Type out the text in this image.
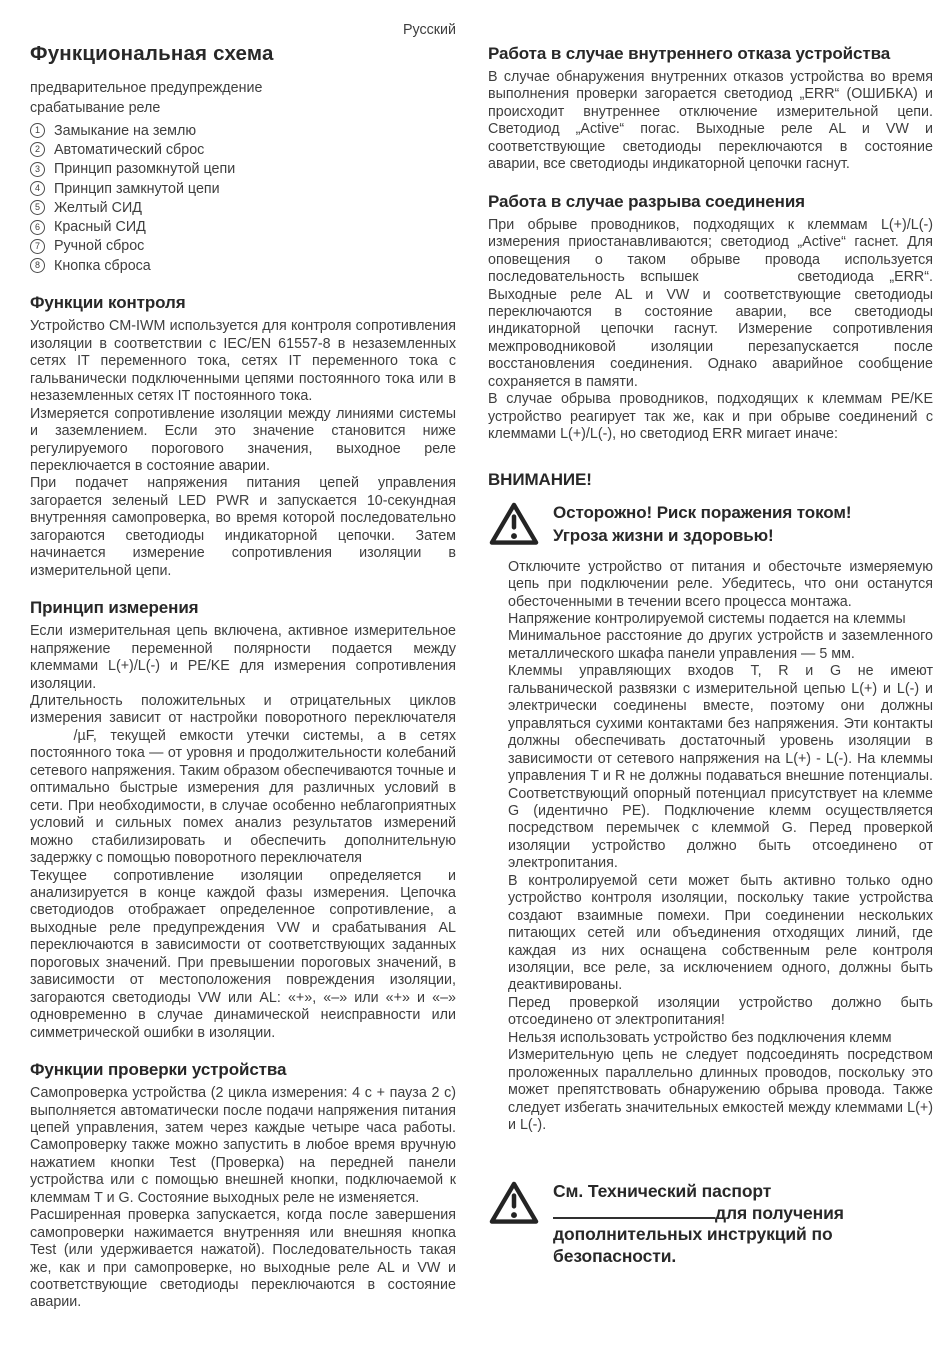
Русский
Функциональная схема

предварительное предупреждение

срабатывание реле

1 Замыкание на землю
2 Автоматический сброс
3 Принцип разомкнутой цепи
4 Принцип замкнутой цепи
5 Желтый СИД
6 Красный СИД
7 Ручной сброс
8 Кнопка сброса
Функции контроля

Устройство CM-IWM используется для контроля сопротивления изоляции в соответствии с IEC/EN 61557-8 в незаземленных сетях IT переменного тока, сетях IT переменного тока с гальванически подключенными цепями постоянного тока или в незаземленных сетях IT постоянного тока.

Измеряется сопротивление изоляции между линиями системы и заземлением. Если это значение становится ниже регулируемого порогового значения, выходное реле переключается в состояние аварии.

При подачет напряжения питания цепей управления загорается зеленый LED PWR и запускается 10-секундная внутренняя самопроверка, во время которой последовательно загораются светодиоды индикаторной цепочки. Затем начинается измерение сопротивления изоляции в измерительной цепи.

Принцип измерения

Если измерительная цепь включена, активное измерительное напряжение переменной полярности подается между клеммами L(+)/L(-) и PE/KE для измерения сопротивления изоляции.

Длительность положительных и отрицательных циклов измерения зависит от настройки поворотного переключателя  /µF, текущей емкости утечки системы, а в сетях постоянного тока — от уровня и продолжительности колебаний сетевого напряжения. Таким образом обеспечиваются точные и оптимально быстрые измерения для различных условий в сети. При необходимости, в случае особенно неблагоприятных условий и сильных помех анализ результатов измерений можно стабилизировать и обеспечить дополнительную задержку с помощью поворотного переключателя

Текущее сопротивление изоляции определяется и анализируется в конце каждой фазы измерения. Цепочка светодиодов отображает определенное сопротивление, а выходные реле предупреждения VW и срабатывания AL переключаются в зависимости от соответствующих заданных пороговых значений. При превышении пороговых значений, в зависимости от местоположения повреждения изоляции, загораются светодиоды VW или AL: «+», «–» или «+» и «–» одновременно в случае динамической неисправности или симметрической ошибки в изоляции.

Функции проверки устройства

Самопроверка устройства (2 цикла измерения: 4 с + пауза 2 с) выполняется автоматически после подачи напряжения питания цепей управления, затем через каждые четыре часа работы. Самопроверку также можно запустить в любое время вручную нажатием кнопки Test (Проверка) на передней панели устройства или с помощью внешней кнопки, подключаемой к клеммам T и G. Состояние выходных реле не изменяется.

Расширенная проверка запускается, когда после завершения самопроверки нажимается внутренняя или внешняя кнопка Test (или удерживается нажатой). Последовательность такая же, как и при самопроверке, но выходные реле AL и VW и соответствующие светодиоды переключаются в состояние аварии.

Работа в случае внутреннего отказа устройства

В случае обнаружения внутренних отказов устройства во время выполнения проверки загорается светодиод „ERR“ (ОШИБКА) и происходит внутреннее отключение измерительной цепи. Светодиод „Active“ погас. Выходные реле AL и VW и соответствующие светодиоды переключаются в состояние аварии, все светодиоды индикаторной цепочки гаснут.

Работа в случае разрыва соединения

При обрыве проводников, подходящих к клеммам L(+)/L(-) измерения приостанавливаются; светодиод „Active“ гаснет. Для оповещения о таком обрыве провода используется последовательность вспышек	светодиода „ERR“. Выходные реле AL и VW и соответствующие светодиоды переключаются в состояние аварии, все светодиоды индикаторной цепочки гаснут. Измерение сопротивления межпроводниковой изоляции перезапускается после восстановления соединения. Однако аварийное сообщение сохраняется в памяти.

В случае обрыва проводников, подходящих к клеммам PE/KE устройство реагирует так же, как и при обрыве соединений с клеммами L(+)/L(-), но светодиод ERR мигает иначе:

ВНИМАНИЕ!
Осторожно! Риск поражения током!
Угроза жизни и здоровью!

Отключите устройство от питания и обесточьте измеряемую цепь при подключении реле. Убедитесь, что они останутся обесточенными в течении всего процесса монтажа.

Напряжение контролируемой системы подается на клеммы

Минимальное расстояние до других устройств и заземленного металлического шкафа панели управления — 5 мм.

Клеммы управляющих входов T, R и G не имеют гальванической развязки с измерительной цепью L(+) и L(-) и электрически соединены вместе, поэтому они должны управляться сухими контактами без напряжения. Эти контакты должны обеспечивать достаточный уровень изоляции в зависимости от сетевого напряжения на L(+) - L(-). На клеммы управления T и R не должны подаваться внешние потенциалы. Соответствующий опорный потенциал присутствует на клемме G (идентично PE). Подключение клемм осуществляется посредством перемычек с клеммой G. Перед проверкой изоляции устройство должно быть отсоединено от электропитания.

В контролируемой сети может быть активно только одно устройство контроля изоляции, поскольку такие устройства создают взаимные помехи. При соединении нескольких питающих сетей или объединения отходящих линий, где каждая из них оснащена собственным реле контроля изоляции, все реле, за исключением одного, должны быть деактивированы.

Перед проверкой изоляции устройство должно быть отсоединено от электропитания!

Нельзя использовать устройство без подключения клемм

Измерительную цепь не следует подсоединять посредством проложенных параллельно длинных проводов, поскольку это может препятствовать обнаружению обрыва провода. Также следует избегать значительных емкостей между клеммами L(+) и L(-).

См. Технический паспорт

для получения

дополнительных инструкций по

безопасности.
